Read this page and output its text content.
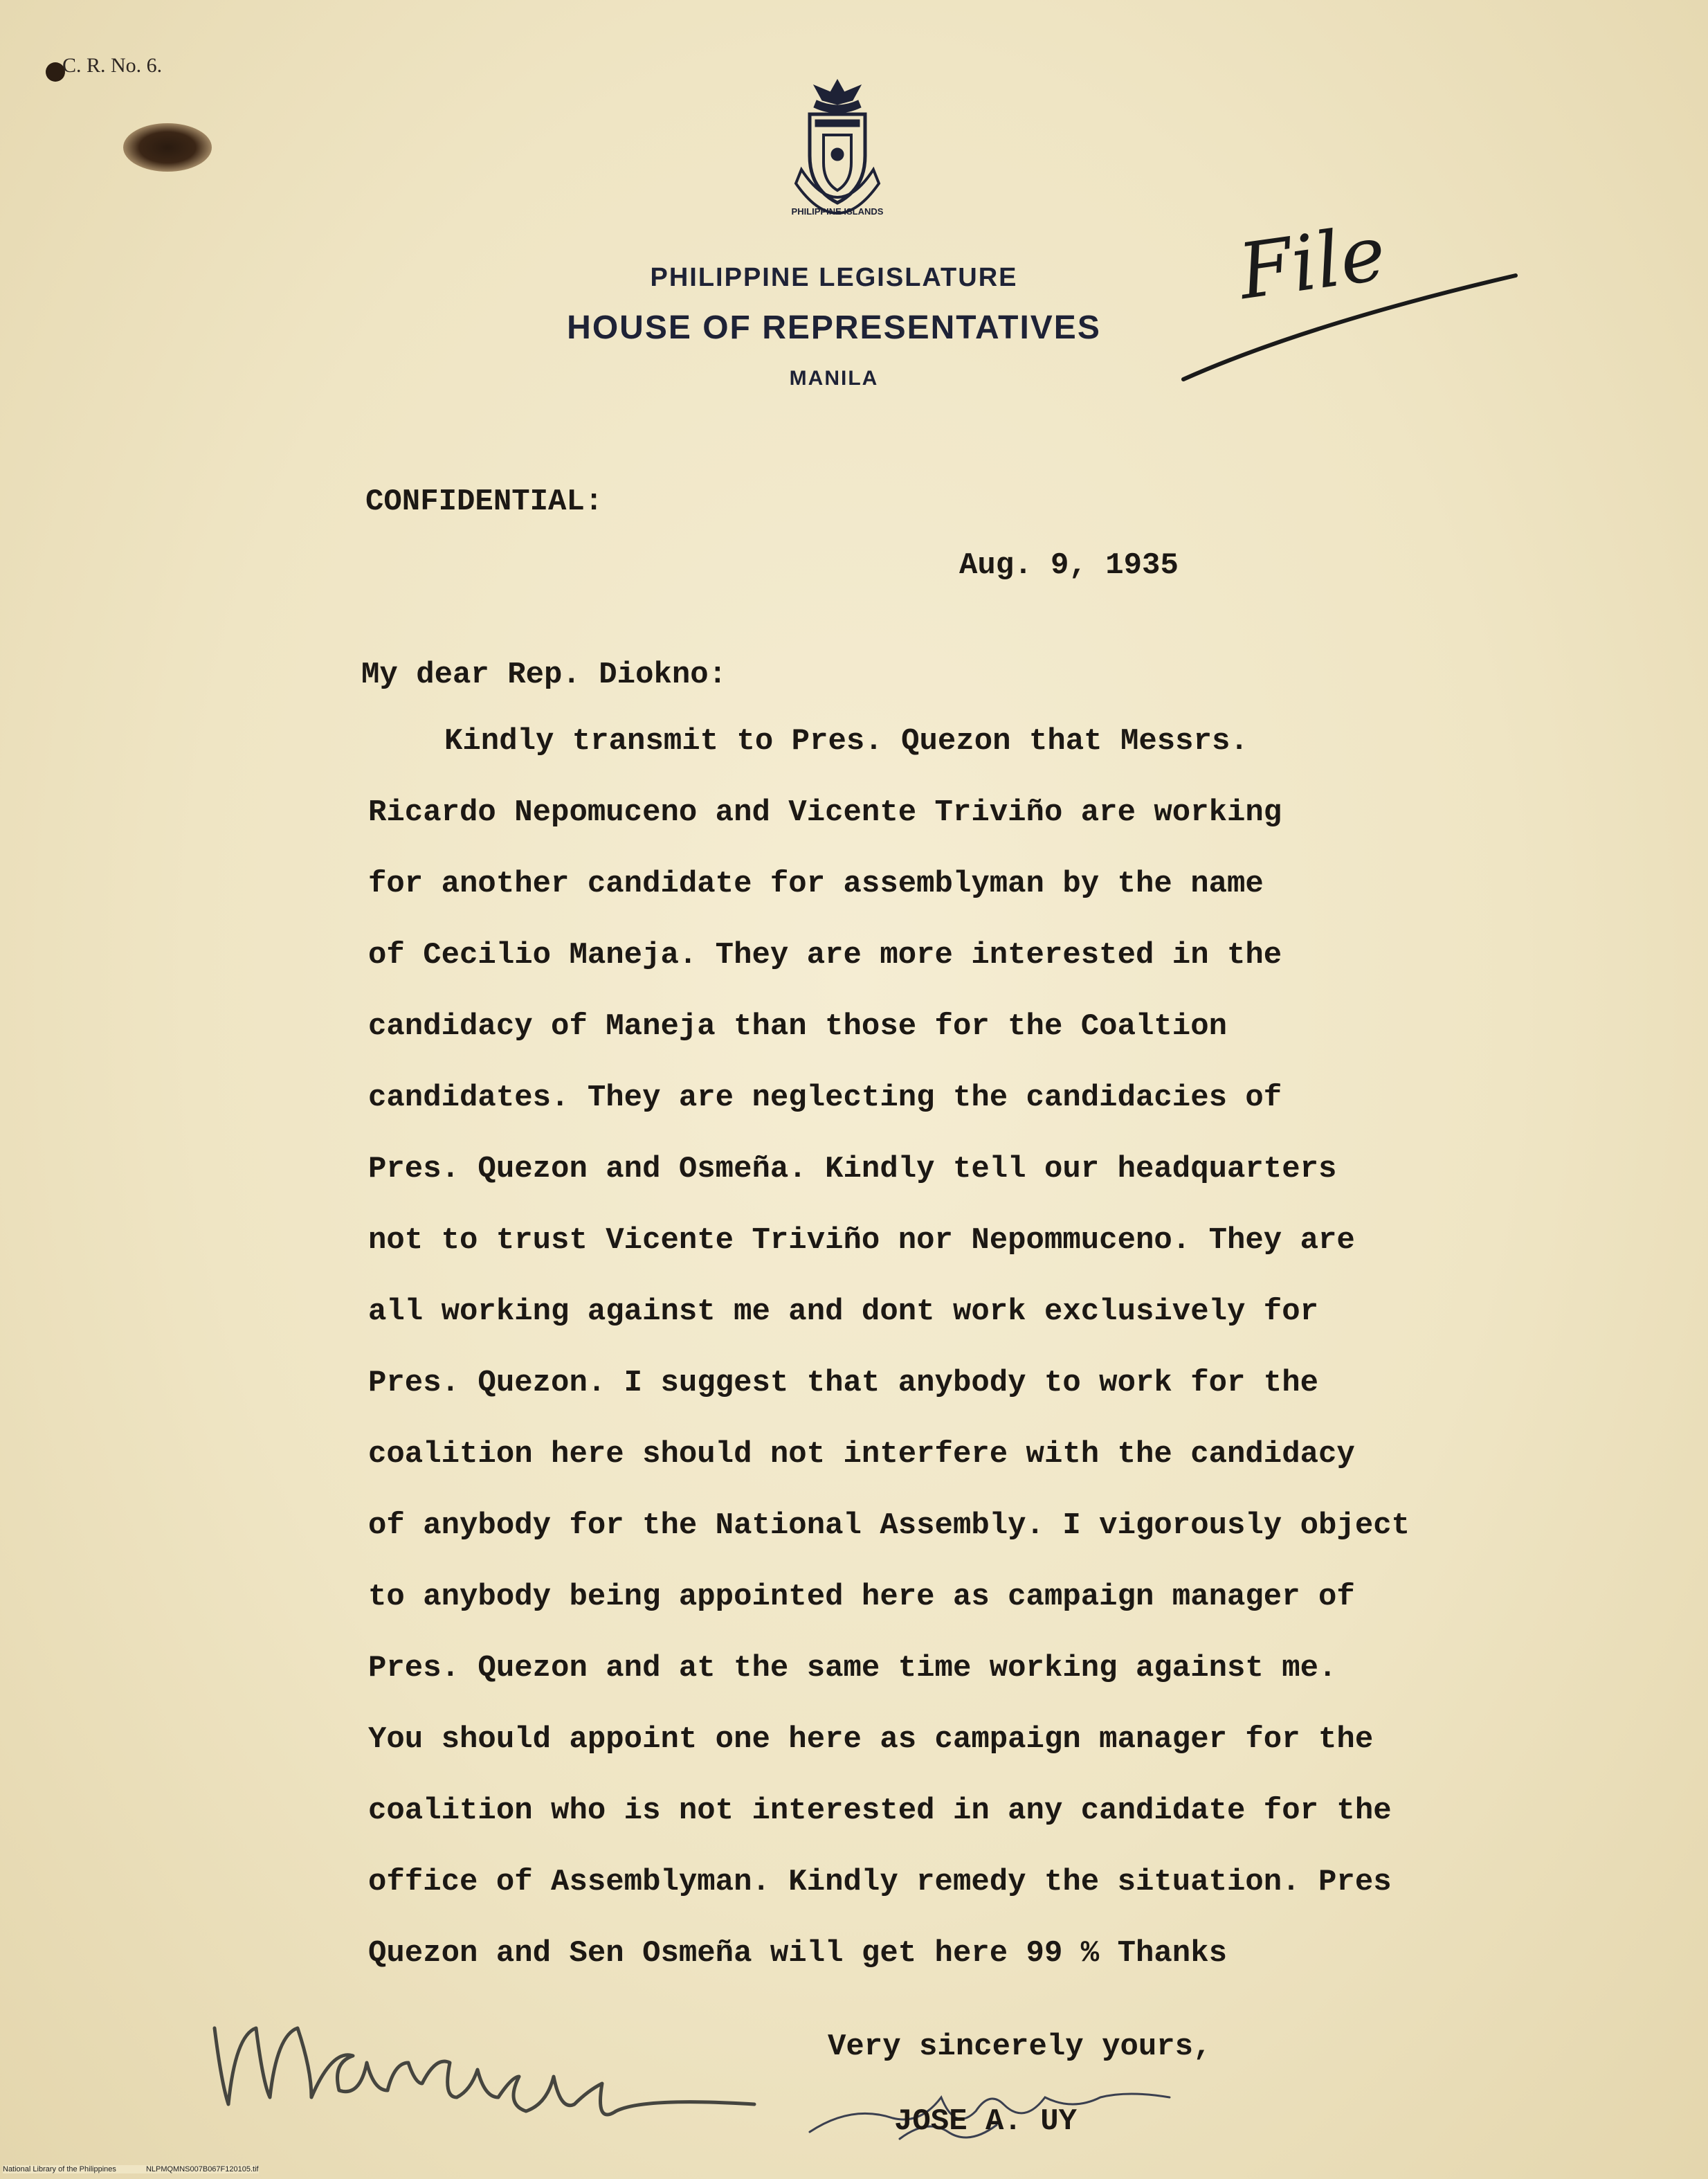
C. R. No. 6.
PHILIPPINE ISLANDS
PHILIPPINE LEGISLATURE
HOUSE OF REPRESENTATIVES
MANILA
File
CONFIDENTIAL:
Aug. 9, 1935
My dear Rep. Diokno:
Kindly transmit to Pres. Quezon that Messrs.
Ricardo Nepomuceno and Vicente Triviño are working
for another candidate for assemblyman by the name
of Cecilio Maneja. They are more interested in the
candidacy of Maneja than those for the Coaltion
candidates. They are neglecting the candidacies of
Pres. Quezon and Osmeña. Kindly tell our headquarters
not to trust Vicente Triviño nor Nepommuceno. They are
all working against me and dont work exclusively for
Pres. Quezon. I suggest that anybody to work for the
coalition here should not interfere with the candidacy
of anybody for the National Assembly. I vigorously object
to anybody being appointed here as campaign manager of
Pres. Quezon and at the same time working against me.
You should appoint one here as campaign manager for the
coalition who is not interested in any candidate for the
office of Assemblyman. Kindly remedy the situation. Pres
Quezon and Sen Osmeña will get here 99 % Thanks
Very sincerely yours,
JOSE A. UY
National Library of the Philippines	NLPMQMNS007B067F120105.tif
